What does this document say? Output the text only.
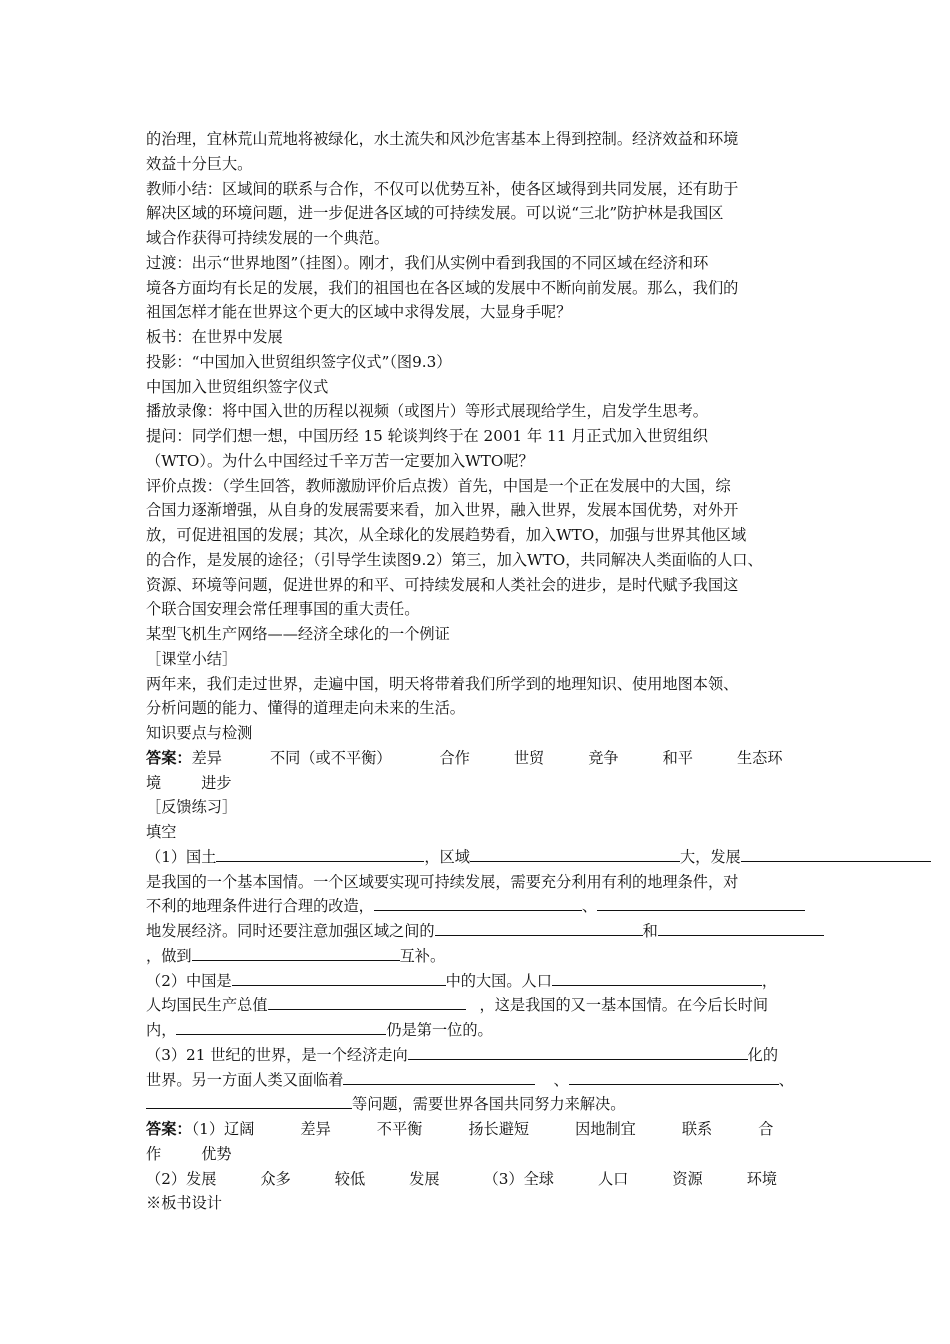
的治理，宜林荒山荒地将被绿化，水土流失和风沙危害基本上得到控制。经济效益和环境
效益十分巨大。
教师小结：区域间的联系与合作，不仅可以优势互补，使各区域得到共同发展，还有助于
解决区域的环境问题，进一步促进各区域的可持续发展。可以说“三北”防护林是我国区
域合作获得可持续发展的一个典范。
过渡：出示“世界地图”（挂图）。刚才，我们从实例中看到我国的不同区域在经济和环
境各方面均有长足的发展，我们的祖国也在各区域的发展中不断向前发展。那么，我们的
祖国怎样才能在世界这个更大的区域中求得发展，大显身手呢？
板书：在世界中发展
投影：“中国加入世贸组织签字仪式”（图9.3）
中国加入世贸组织签字仪式
播放录像：将中国入世的历程以视频（或图片）等形式展现给学生，启发学生思考。
提问：同学们想一想，中国历经 15 轮谈判终于在 2001 年 11 月正式加入世贸组织
（WTO）。为什么中国经过千辛万苦一定要加入WTO呢？
评价点拨：（学生回答，教师激励评价后点拨）首先，中国是一个正在发展中的大国，综
合国力逐渐增强，从自身的发展需要来看，加入世界，融入世界，发展本国优势，对外开
放，可促进祖国的发展；其次，从全球化的发展趋势看，加入WTO，加强与世界其他区域
的合作，是发展的途径；（引导学生读图9.2）第三，加入WTO，共同解决人类面临的人口、
资源、环境等问题，促进世界的和平、可持续发展和人类社会的进步，是时代赋予我国这
个联合国安理会常任理事国的重大责任。
某型飞机生产网络——经济全球化的一个例证
［课堂小结］
两年来，我们走过世界，走遍中国，明天将带着我们所学到的地理知识、使用地图本领、
分析问题的能力、懂得的道理走向未来的生活。
知识要点与检测
答案：差异	不同（或不平衡）	合作	世贸	竞争	和平	生态环
境	进步
［反馈练习］
填空
（1）国土	，区域	大，发展
是我国的一个基本国情。一个区域要实现可持续发展，需要充分利用有利的地理条件，对
不利的地理条件进行合理的改造，	、
地发展经济。同时还要注意加强区域之间的	和
，做到	互补。
（2）中国是	中的大国。人口	，
人均国民生产总值	，这是我国的又一基本国情。在今后长时间
内，	仍是第一位的。
（3）21 世纪的世界，是一个经济走向	化的
世界。另一方面人类又面临着	、	、
等问题，需要世界各国共同努力来解决。
答案：（1）辽阔	差异	不平衡	扬长避短	因地制宜	联系	合
作	优势
（2）发展	众多	较低	发展	（3）全球	人口	资源	环境
※板书设计
